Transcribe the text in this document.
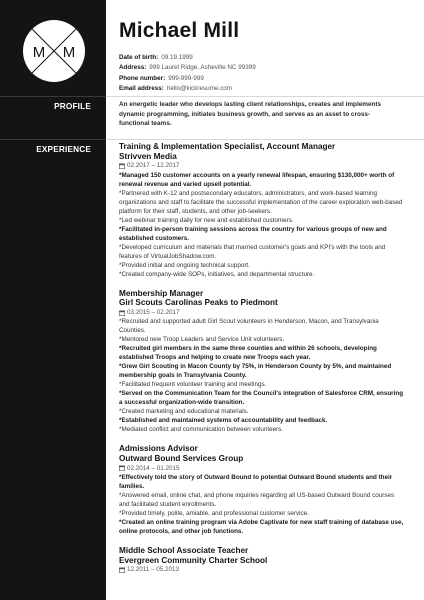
M M
PROFILE
EXPERIENCE
Michael Mill
Date of birth: 09.19.1999
Address: 999 Laurel Ridge, Asheville NC 99399
Phone number: 999-999-999
Email address: hello@kickresume.com
An energetic leader who develops lasting client relationships, creates and implements dynamic programming, initiates business growth, and serves as an asset to cross-functional teams.
Training & Implementation Specialist, Account Manager
Strivven Media
02.2017 – 12.2017
*Managed 150 customer accounts on a yearly renewal lifespan, ensuring $130,000+ worth of renewal revenue and varied upsell potential.
*Partnered with K-12 and postsecondary educators, administrators, and work-based learning organizations and staff to facilitate the successful implementation of the career exploration web-based platform for their staff, students, and other job-seekers.
*Led webinar training daily for new and established customers.
*Facilitated in-person training sessions across the country for various groups of new and established customers.
*Developed curriculum and materials that married customer's goals and KPI's with the tools and features of VirtualJobShadow.com.
*Provided initial and ongoing technical support.
*Created company-wide SOPs, initiatives, and departmental structure.
Membership Manager
Girl Scouts Carolinas Peaks to Piedmont
03.2015 – 02.2017
*Recruited and supported adult Girl Scout volunteers in Henderson, Macon, and Transylvania Counties.
*Mentored new Troop Leaders and Service Unit volunteers.
*Recruited girl members in the same three counties and within 26 schools, developing established Troops and helping to create new Troops each year.
*Grew Girl Scouting in Macon County by 75%, in Henderson County by 5%, and maintained membership goals in Transylvania County.
*Facilitated frequent volunteer training and meetings.
*Served on the Communication Team for the Council's integration of Salesforce CRM, ensuring a successful organization-wide transition.
*Created marketing and educational materials.
*Established and maintained systems of accountability and feedback.
*Mediated conflict and communication between volunteers.
Admissions Advisor
Outward Bound Services Group
02.2014 – 01.2015
*Effectively told the story of Outward Bound to potential Outward Bound students and their families.
*Answered email, online chat, and phone inquiries regarding all US-based Outward Bound courses and facilitated student enrollments.
*Provided timely, polite, amiable, and professional customer service.
*Created an online training program via Adobe Captivate for new staff training of database use, online protocols, and other job functions.
Middle School Associate Teacher
Evergreen Community Charter School
12.2011 – 05.2013
